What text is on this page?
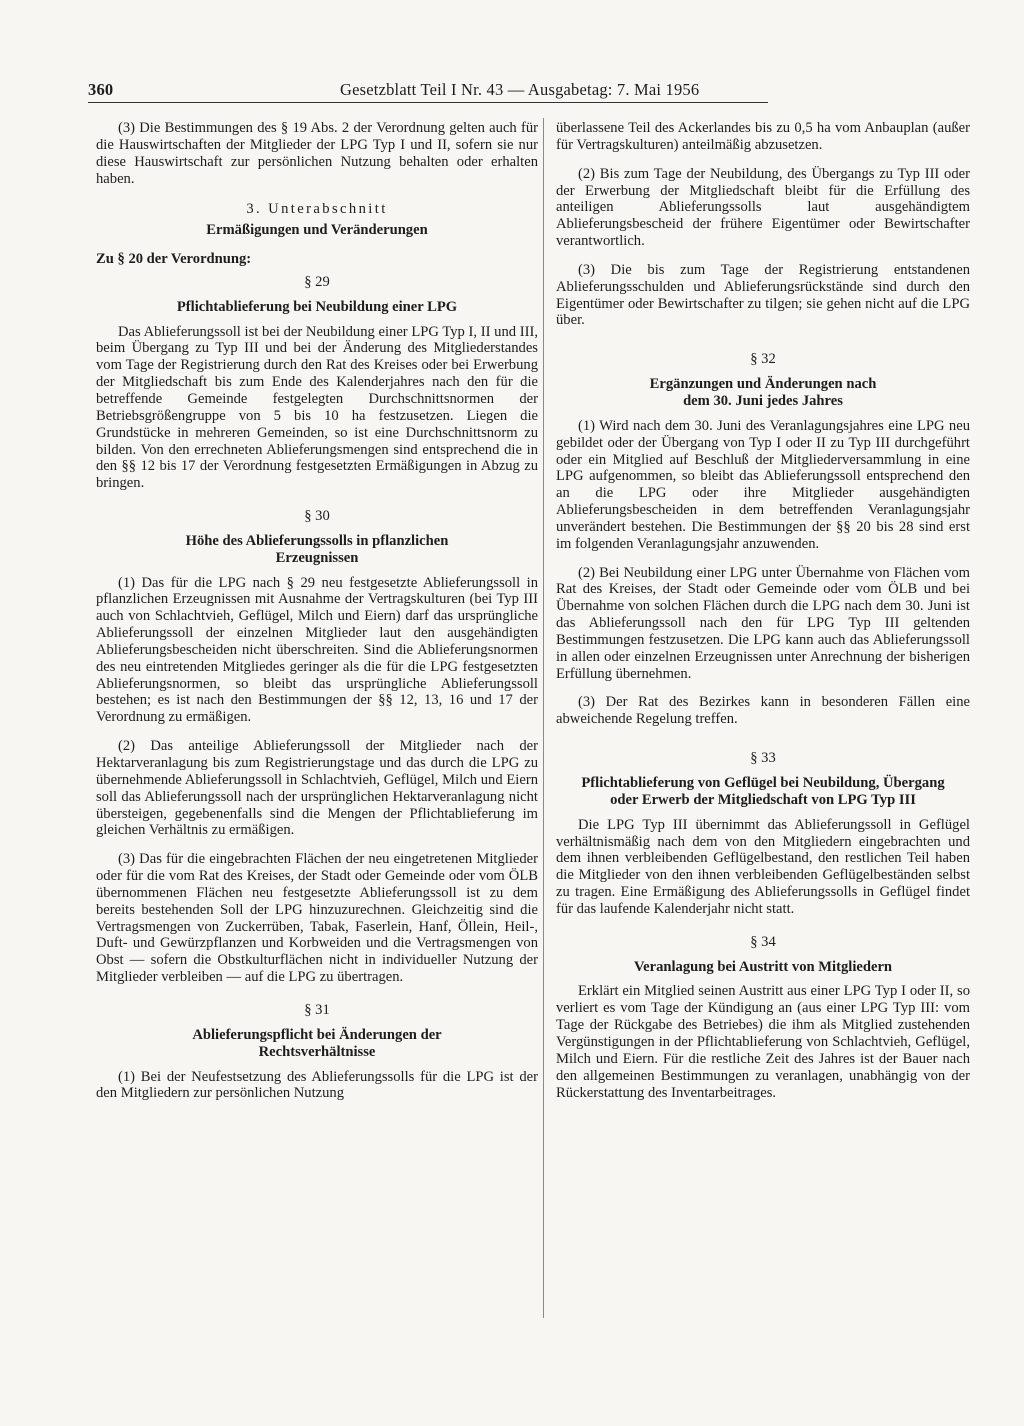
360	Gesetzblatt Teil I Nr. 43 — Ausgabetag: 7. Mai 1956

(3) Die Bestimmungen des § 19 Abs. 2 der Verordnung gelten auch für die Hauswirtschaften der Mitglieder der LPG Typ I und II, sofern sie nur diese Hauswirtschaft zur persönlichen Nutzung behalten oder erhalten haben.

3. Unterabschnitt

Ermäßigungen und Veränderungen

Zu § 20 der Verordnung:

§ 29

Pflichtablieferung bei Neubildung einer LPG

Das Ablieferungssoll ist bei der Neubildung einer LPG Typ I, II und III, beim Übergang zu Typ III und bei der Änderung des Mitgliederstandes vom Tage der Registrierung durch den Rat des Kreises oder bei Erwerbung der Mitgliedschaft bis zum Ende des Kalenderjahres nach den für die betreffende Gemeinde festgelegten Durchschnittsnormen der Betriebsgrößengruppe von 5 bis 10 ha festzusetzen. Liegen die Grundstücke in mehreren Gemeinden, so ist eine Durchschnittsnorm zu bilden. Von den errechneten Ablieferungsmengen sind entsprechend die in den §§ 12 bis 17 der Verordnung festgesetzten Ermäßigungen in Abzug zu bringen.

§ 30

Höhe des Ablieferungssolls in pflanzlichen Erzeugnissen

(1) Das für die LPG nach § 29 neu festgesetzte Ablieferungssoll in pflanzlichen Erzeugnissen mit Ausnahme der Vertragskulturen (bei Typ III auch von Schlachtvieh, Geflügel, Milch und Eiern) darf das ursprüngliche Ablieferungssoll der einzelnen Mitglieder laut den ausgehändigten Ablieferungsbescheiden nicht überschreiten. Sind die Ablieferungsnormen des neu eintretenden Mitgliedes geringer als die für die LPG festgesetzten Ablieferungsnormen, so bleibt das ursprüngliche Ablieferungssoll bestehen; es ist nach den Bestimmungen der §§ 12, 13, 16 und 17 der Verordnung zu ermäßigen.

(2) Das anteilige Ablieferungssoll der Mitglieder nach der Hektarveranlagung bis zum Registrierungstage und das durch die LPG zu übernehmende Ablieferungssoll in Schlachtvieh, Geflügel, Milch und Eiern soll das Ablieferungssoll nach der ursprünglichen Hektarveranlagung nicht übersteigen, gegebenenfalls sind die Mengen der Pflichtablieferung im gleichen Verhältnis zu ermäßigen.

(3) Das für die eingebrachten Flächen der neu eingetretenen Mitglieder oder für die vom Rat des Kreises, der Stadt oder Gemeinde oder vom ÖLB übernommenen Flächen neu festgesetzte Ablieferungssoll ist zu dem bereits bestehenden Soll der LPG hinzuzurechnen. Gleichzeitig sind die Vertragsmengen von Zuckerrüben, Tabak, Faserlein, Hanf, Öllein, Heil-, Duft- und Gewürzpflanzen und Korbweiden und die Vertragsmengen von Obst — sofern die Obstkulturflächen nicht in individueller Nutzung der Mitglieder verbleiben — auf die LPG zu übertragen.

§ 31

Ablieferungspflicht bei Änderungen der Rechtsverhältnisse

(1) Bei der Neufestsetzung des Ablieferungssolls für die LPG ist der den Mitgliedern zur persönlichen Nutzung

überlassene Teil des Ackerlandes bis zu 0,5 ha vom Anbauplan (außer für Vertragskulturen) anteilmäßig abzusetzen.

(2) Bis zum Tage der Neubildung, des Übergangs zu Typ III oder der Erwerbung der Mitgliedschaft bleibt für die Erfüllung des anteiligen Ablieferungssolls laut ausgehändigtem Ablieferungsbescheid der frühere Eigentümer oder Bewirtschafter verantwortlich.

(3) Die bis zum Tage der Registrierung entstandenen Ablieferungsschulden und Ablieferungsrückstände sind durch den Eigentümer oder Bewirtschafter zu tilgen; sie gehen nicht auf die LPG über.

§ 32

Ergänzungen und Änderungen nach dem 30. Juni jedes Jahres

(1) Wird nach dem 30. Juni des Veranlagungsjahres eine LPG neu gebildet oder der Übergang von Typ I oder II zu Typ III durchgeführt oder ein Mitglied auf Beschluß der Mitgliederversammlung in eine LPG aufgenommen, so bleibt das Ablieferungssoll entsprechend den an die LPG oder ihre Mitglieder ausgehändigten Ablieferungsbescheiden in dem betreffenden Veranlagungsjahr unverändert bestehen. Die Bestimmungen der §§ 20 bis 28 sind erst im folgenden Veranlagungsjahr anzuwenden.

(2) Bei Neubildung einer LPG unter Übernahme von Flächen vom Rat des Kreises, der Stadt oder Gemeinde oder vom ÖLB und bei Übernahme von solchen Flächen durch die LPG nach dem 30. Juni ist das Ablieferungssoll nach den für LPG Typ III geltenden Bestimmungen festzusetzen. Die LPG kann auch das Ablieferungssoll in allen oder einzelnen Erzeugnissen unter Anrechnung der bisherigen Erfüllung übernehmen.

(3) Der Rat des Bezirkes kann in besonderen Fällen eine abweichende Regelung treffen.

§ 33

Pflichtablieferung von Geflügel bei Neubildung, Übergang oder Erwerb der Mitgliedschaft von LPG Typ III

Die LPG Typ III übernimmt das Ablieferungssoll in Geflügel verhältnismäßig nach dem von den Mitgliedern eingebrachten und dem ihnen verbleibenden Geflügelbestand, den restlichen Teil haben die Mitglieder von den ihnen verbleibenden Geflügelbeständen selbst zu tragen. Eine Ermäßigung des Ablieferungssolls in Geflügel findet für das laufende Kalenderjahr nicht statt.

§ 34

Veranlagung bei Austritt von Mitgliedern

Erklärt ein Mitglied seinen Austritt aus einer LPG Typ I oder II, so verliert es vom Tage der Kündigung an (aus einer LPG Typ III: vom Tage der Rückgabe des Betriebes) die ihm als Mitglied zustehenden Vergünstigungen in der Pflichtablieferung von Schlachtvieh, Geflügel, Milch und Eiern. Für die restliche Zeit des Jahres ist der Bauer nach den allgemeinen Bestimmungen zu veranlagen, unabhängig von der Rückerstattung des Inventarbeitrages.
